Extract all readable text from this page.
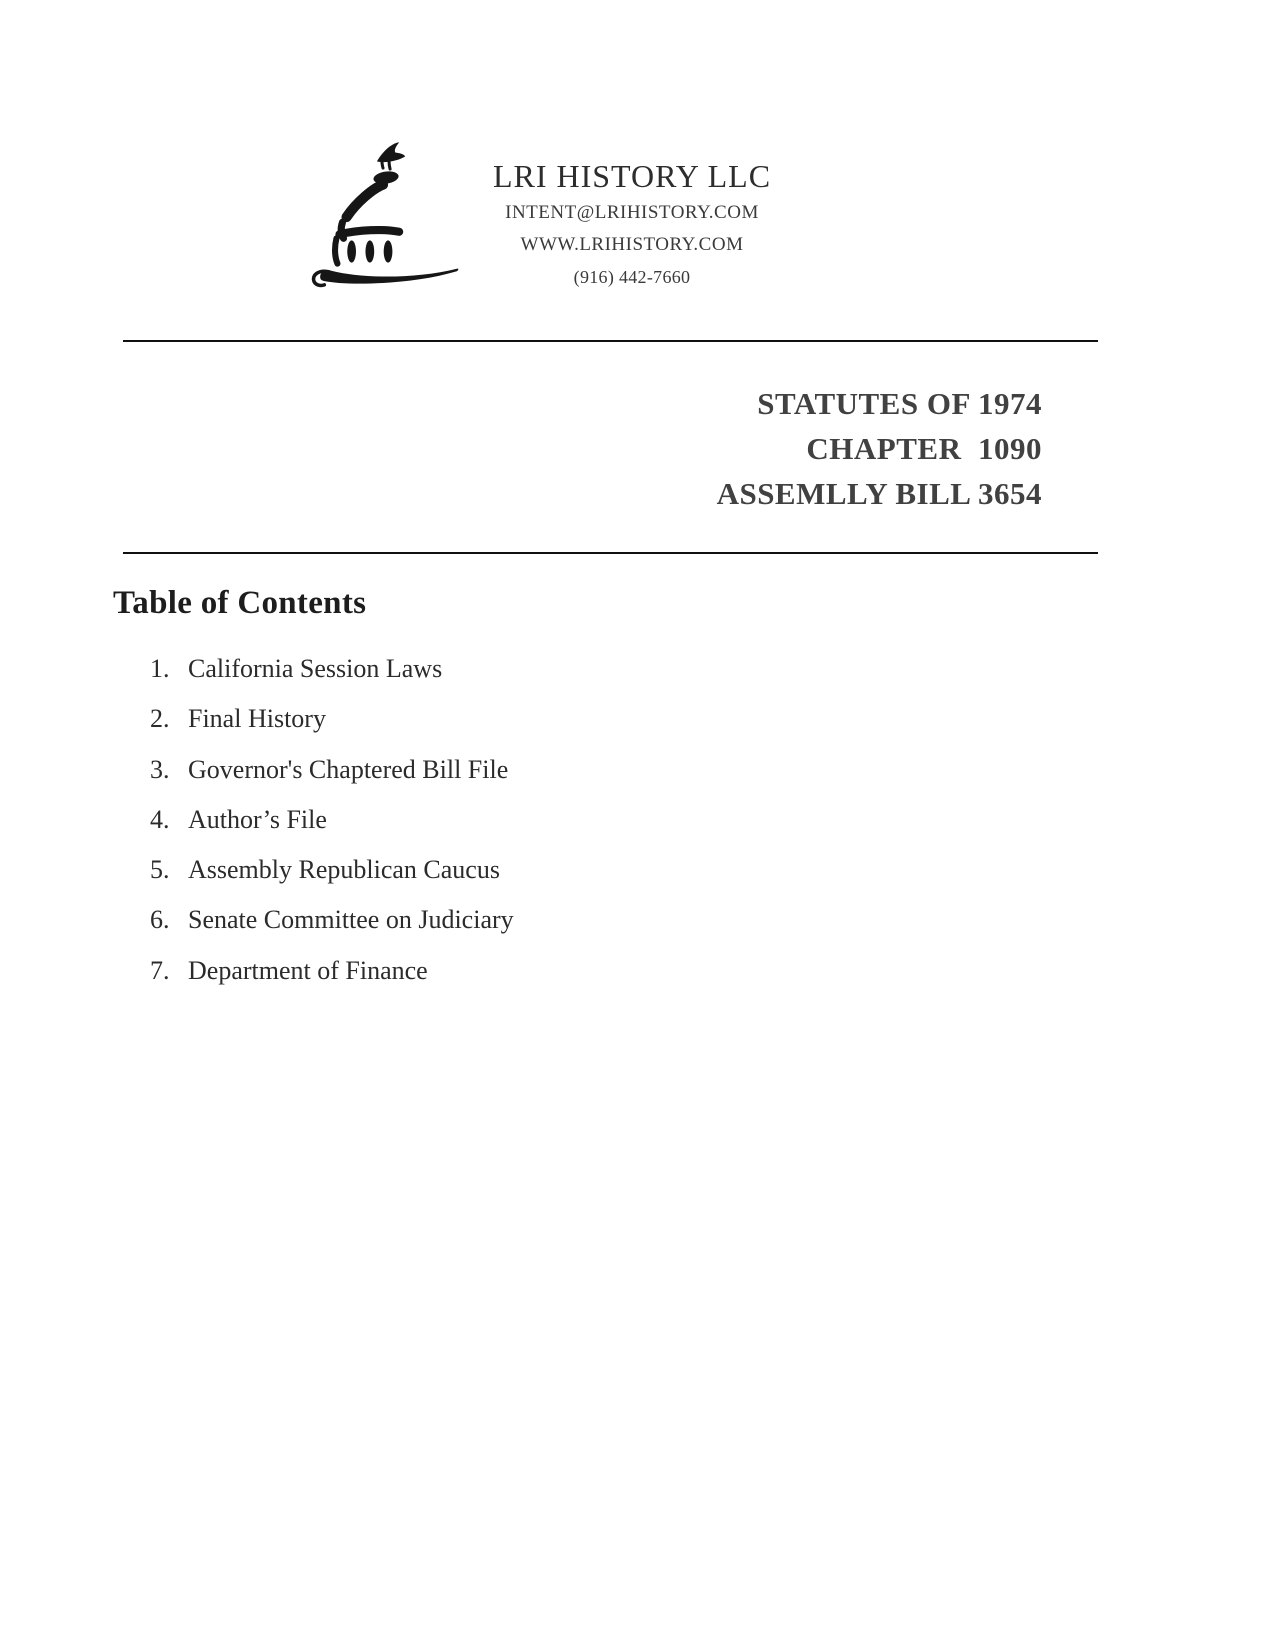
LRI HISTORY LLC
INTENT@LRIHISTORY.COM
WWW.LRIHISTORY.COM
(916) 442-7660
STATUTES OF 1974
CHAPTER  1090
ASSEMLLY BILL 3654
Table of Contents
1. California Session Laws
2. Final History
3. Governor's Chaptered Bill File
4. Author’s File
5. Assembly Republican Caucus
6. Senate Committee on Judiciary
7. Department of Finance
